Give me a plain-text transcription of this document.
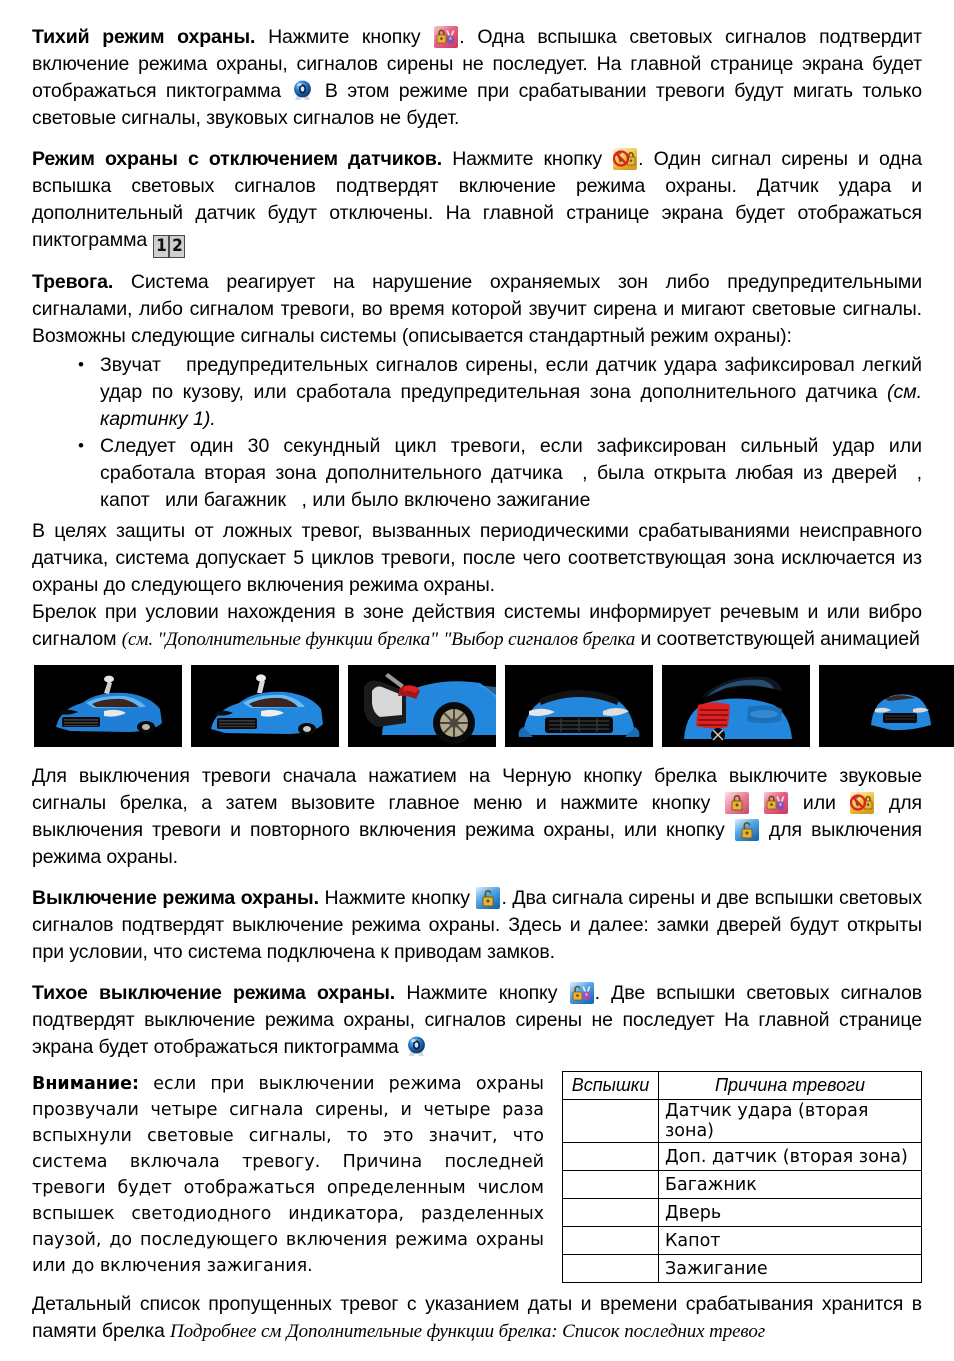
Тихий режим охраны. Нажмите кнопку . Одна вспышка световых сигналов подтвердит включение режима охраны, сигналов сирены не последует. На главной странице экрана будет отображаться пиктограмма В этом режиме при срабатывании тревоги будут мигать только световые сигналы, звуковых сигналов не будет.

Режим охраны с отключением датчиков. Нажмите кнопку . Один сигнал сирены и одна вспышка световых сигналов подтвердят включение режима охраны. Датчик удара и дополнительный датчик будут отключены. На главной странице экрана будет отображаться пиктограмма 1 2

Тревога. Система реагирует на нарушение охраняемых зон либо предупредительными сигналами, либо сигналом тревоги, во время которой звучит сирена и мигают световые сигналы. Возможны следующие сигналы системы (описывается стандартный режим охраны):

• Звучат предупредительных сигналов сирены, если датчик удара зафиксировал легкий удар по кузову, или сработала предупредительная зона дополнительного датчика (см. картинку 1).
• Следует один 30 секундный цикл тревоги, если зафиксирован сильный удар или сработала вторая зона дополнительного датчика , была открыта любая из дверей , капот или багажник , или было включено зажигание

В целях защиты от ложных тревог, вызванных периодическими срабатываниями неисправного датчика, система допускает 5 циклов тревоги, после чего соответствующая зона исключается из охраны до следующего включения режима охраны.

Брелок при условии нахождения в зоне действия системы информирует речевым и или вибро сигналом (см. "Дополнительные функции брелка" "Выбор сигналов брелка и соответствующей анимацией

Для выключения тревоги сначала нажатием на Черную кнопку брелка выключите звуковые сигналы брелка, а затем вызовите главное меню и нажмите кнопку
	или	для выключения тревоги и повторного включения режима охраны, или кнопку для выключения режима охраны.

Выключение режима охраны. Нажмите кнопку . Два сигнала сирены и две вспышки световых сигналов подтвердят выключение режима охраны. Здесь и далее: замки дверей будут открыты при условии, что система подключена к приводам замков.

Тихое выключение режима охраны. Нажмите кнопку . Две вспышки световых сигналов подтвердят выключение режима охраны, сигналов сирены не последует На главной странице экрана будет отображаться пиктограмма

Внимание: если при выключении режима охраны прозвучали четыре сигнала сирены, и четыре раза вспыхнули световые сигналы, то это значит, что система включала тревогу. Причина последней тревоги будет отображаться определенным числом вспышек светодиодного индикатора, разделенных паузой, до последующего включения режима охраны или до включения зажигания.

Вспышки	Причина тревоги
	Датчик удара (вторая зона)
	Доп. датчик (вторая зона)
	Багажник
	Дверь
	Капот
	Зажигание

Детальный список пропущенных тревог с указанием даты и времени срабатывания хранится в памяти брелка Подробнее см Дополнительные функции брелка: Список последних тревог
